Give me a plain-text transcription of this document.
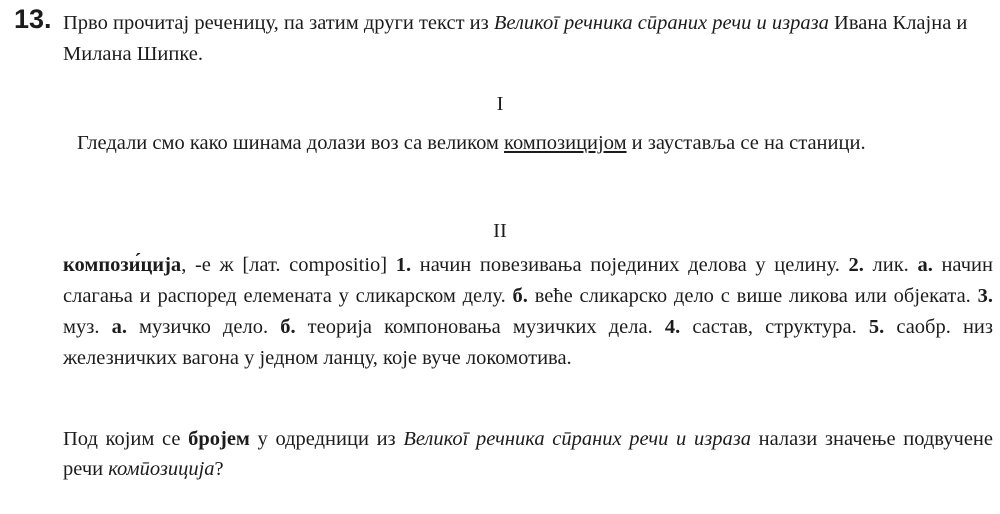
13. Прво прочитај реченицу, па затим други текст из Великоī речника сūраних речи и израза Ивана Клајна и Милана Шипке.
I
Гледали смо како шинама долази воз са великом композицијом и зауставља се на станици.
II
компози́ција, -е ж [лат. compositio] 1. начин повезивања појединих делова у целину. 2. лик. а. начин слагања и распоред елемената у сликарском делу. б. веће сликарско дело с више ликова или објеката. 3. муз. а. музичко дело. б. теорија компоновања музичких дела. 4. састав, структура. 5. саобр. низ железничких вагона у једном ланцу, које вуче локомотива.
Под којим се бројем у одредници из Великоī речника сūраних речи и израза налази значење подвучене речи комūозиција?
